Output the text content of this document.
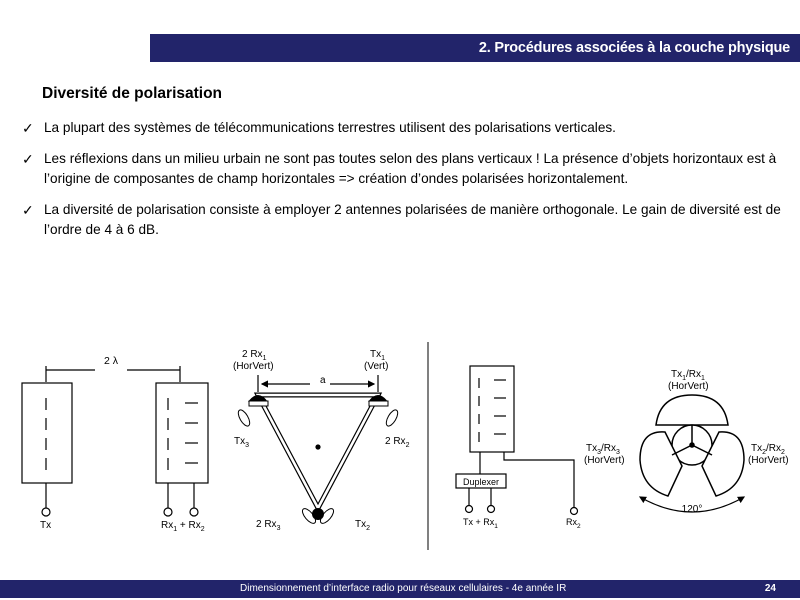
2. Procédures associées à la couche physique
Diversité de polarisation
✓ La plupart des systèmes de télécommunications terrestres utilisent des polarisations verticales.
✓ Les réflexions dans un milieu urbain ne sont pas toutes selon des plans verticaux ! La présence d’objets horizontaux est à l’origine de composantes de champ horizontales => création d’ondes polarisées horizontalement.
✓ La diversité de polarisation consiste à employer 2 antennes polarisées de manière orthogonale. Le gain de diversité est de l’ordre de 4 à 6 dB.
2 λ
Tx	$Rx_1 + Rx_2$
2 $Rx_1$
(HorVert)
$Tx_1$
(Vert)
a
$Tx_3$	2 $Rx_2$
2 $Rx_3$	$Tx_2$
Duplexer
$Tx + Rx_1$	$Rx_2$
$Tx_1/Rx_1$
(HorVert)
$Tx_3/Rx_3$
(HorVert)
$Tx_2/Rx_2$
(HorVert)
120°
Dimensionnement d’interface radio pour réseaux cellulaires - 4e année IR	24
